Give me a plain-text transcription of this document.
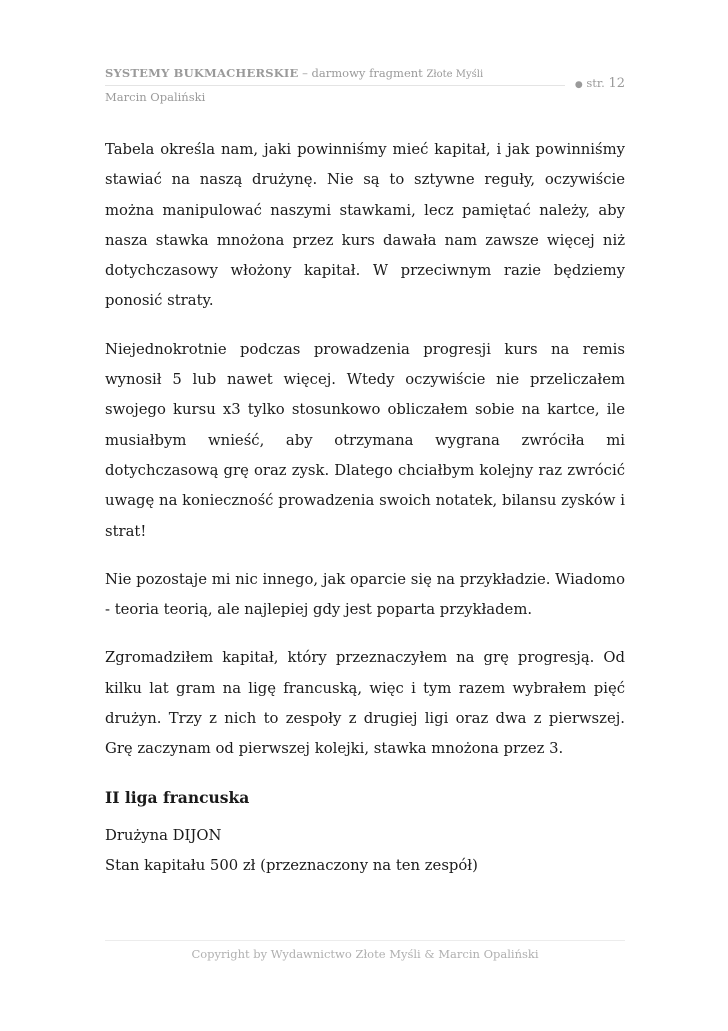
SYSTEMY BUKMACHERSKIE – darmowy fragment Złote Myśli
● str. 12
Marcin Opaliński

Tabela określa nam, jaki powinniśmy mieć kapitał, i jak powinniśmy stawiać na naszą drużynę. Nie są to sztywne reguły, oczywiście można manipulować naszymi stawkami, lecz pamiętać należy, aby nasza stawka mnożona przez kurs dawała nam zawsze więcej niż dotychczasowy włożony kapitał. W przeciwnym razie będziemy ponosić straty.

Niejednokrotnie podczas prowadzenia progresji kurs na remis wynosił 5 lub nawet więcej. Wtedy oczywiście nie przeliczałem swojego kursu x3 tylko stosunkowo obliczałem sobie na kartce, ile musiałbym wnieść, aby otrzymana wygrana zwróciła mi dotychczasową grę oraz zysk. Dlatego chciałbym kolejny raz zwrócić uwagę na konieczność prowadzenia swoich notatek, bilansu zysków i strat!

Nie pozostaje mi nic innego, jak oparcie się na przykładzie. Wiadomo - teoria teorią, ale najlepiej gdy jest poparta przykładem.

Zgromadziłem kapitał, który przeznaczyłem na grę progresją. Od kilku lat gram na ligę francuską, więc i tym razem wybrałem pięć drużyn. Trzy z nich to zespoły z drugiej ligi oraz dwa z pierwszej. Grę zaczynam od pierwszej kolejki, stawka mnożona przez 3.

II liga francuska
Drużyna DIJON
Stan kapitału 500 zł (przeznaczony na ten zespół)
Copyright by Wydawnictwo Złote Myśli & Marcin Opaliński
